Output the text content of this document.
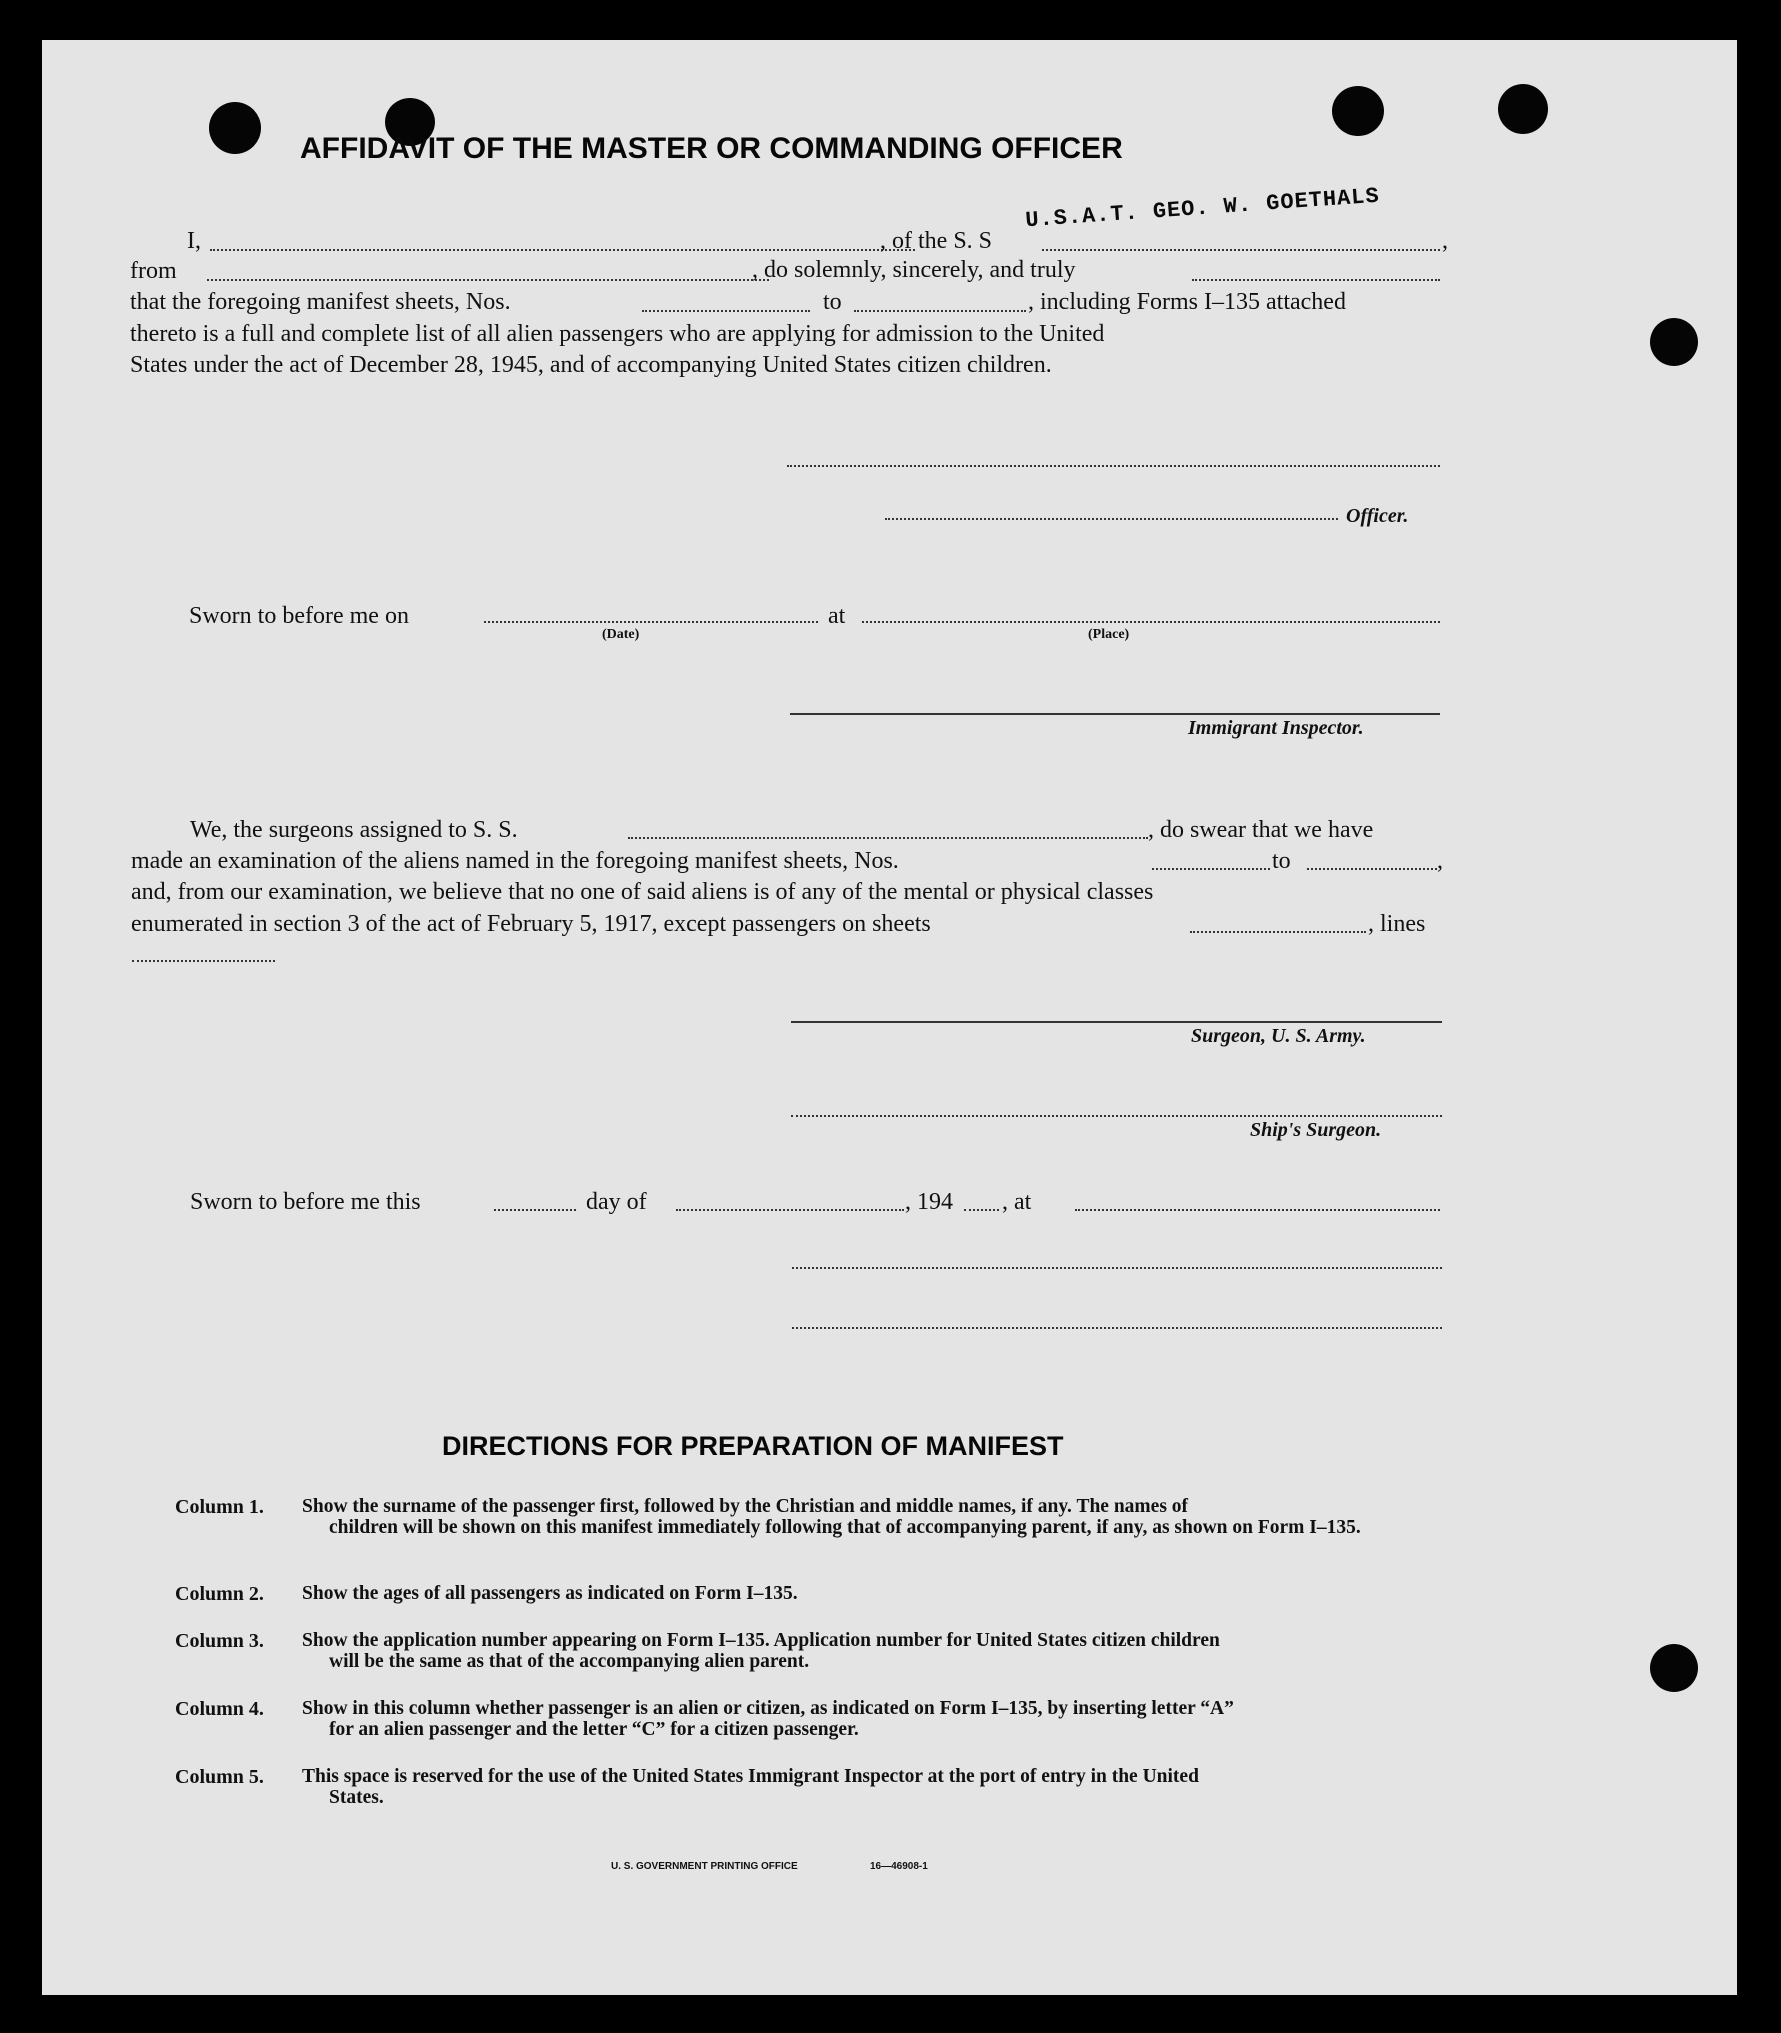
AFFIDAVIT OF THE MASTER OR COMMANDING OFFICER
I,	, of the S. S	,
U.S.A.T. GEO. W. GOETHALS
from	, do solemnly, sincerely, and truly
that the foregoing manifest sheets, Nos.	to	, including Forms I–135 attached
thereto is a full and complete list of all alien passengers who are applying for admission to the United
States under the act of December 28, 1945, and of accompanying United States citizen children.
Officer.
Sworn to before me on
(Date)
at
(Place)
Immigrant Inspector.
We, the surgeons assigned to S. S.	, do swear that we have
made an examination of the aliens named in the foregoing manifest sheets, Nos.	to	,
and, from our examination, we believe that no one of said aliens is of any of the mental or physical classes
enumerated in section 3 of the act of February 5, 1917, except passengers on sheets	, lines
Surgeon, U. S. Army.
Ship's Surgeon.
Sworn to before me this	day of	, 194 , at
DIRECTIONS FOR PREPARATION OF MANIFEST
Column 1. Show the surname of the passenger first, followed by the Christian and middle names, if any. The names of
children will be shown on this manifest immediately following that of accompanying parent, if any, as shown on Form I–135.
Column 2. Show the ages of all passengers as indicated on Form I–135.
Column 3. Show the application number appearing on Form I–135. Application number for United States citizen children
will be the same as that of the accompanying alien parent.
Column 4. Show in this column whether passenger is an alien or citizen, as indicated on Form I–135, by inserting letter “A”
for an alien passenger and the letter “C” for a citizen passenger.
Column 5. This space is reserved for the use of the United States Immigrant Inspector at the port of entry in the United
States.
U. S. GOVERNMENT PRINTING OFFICE	16—46908-1
